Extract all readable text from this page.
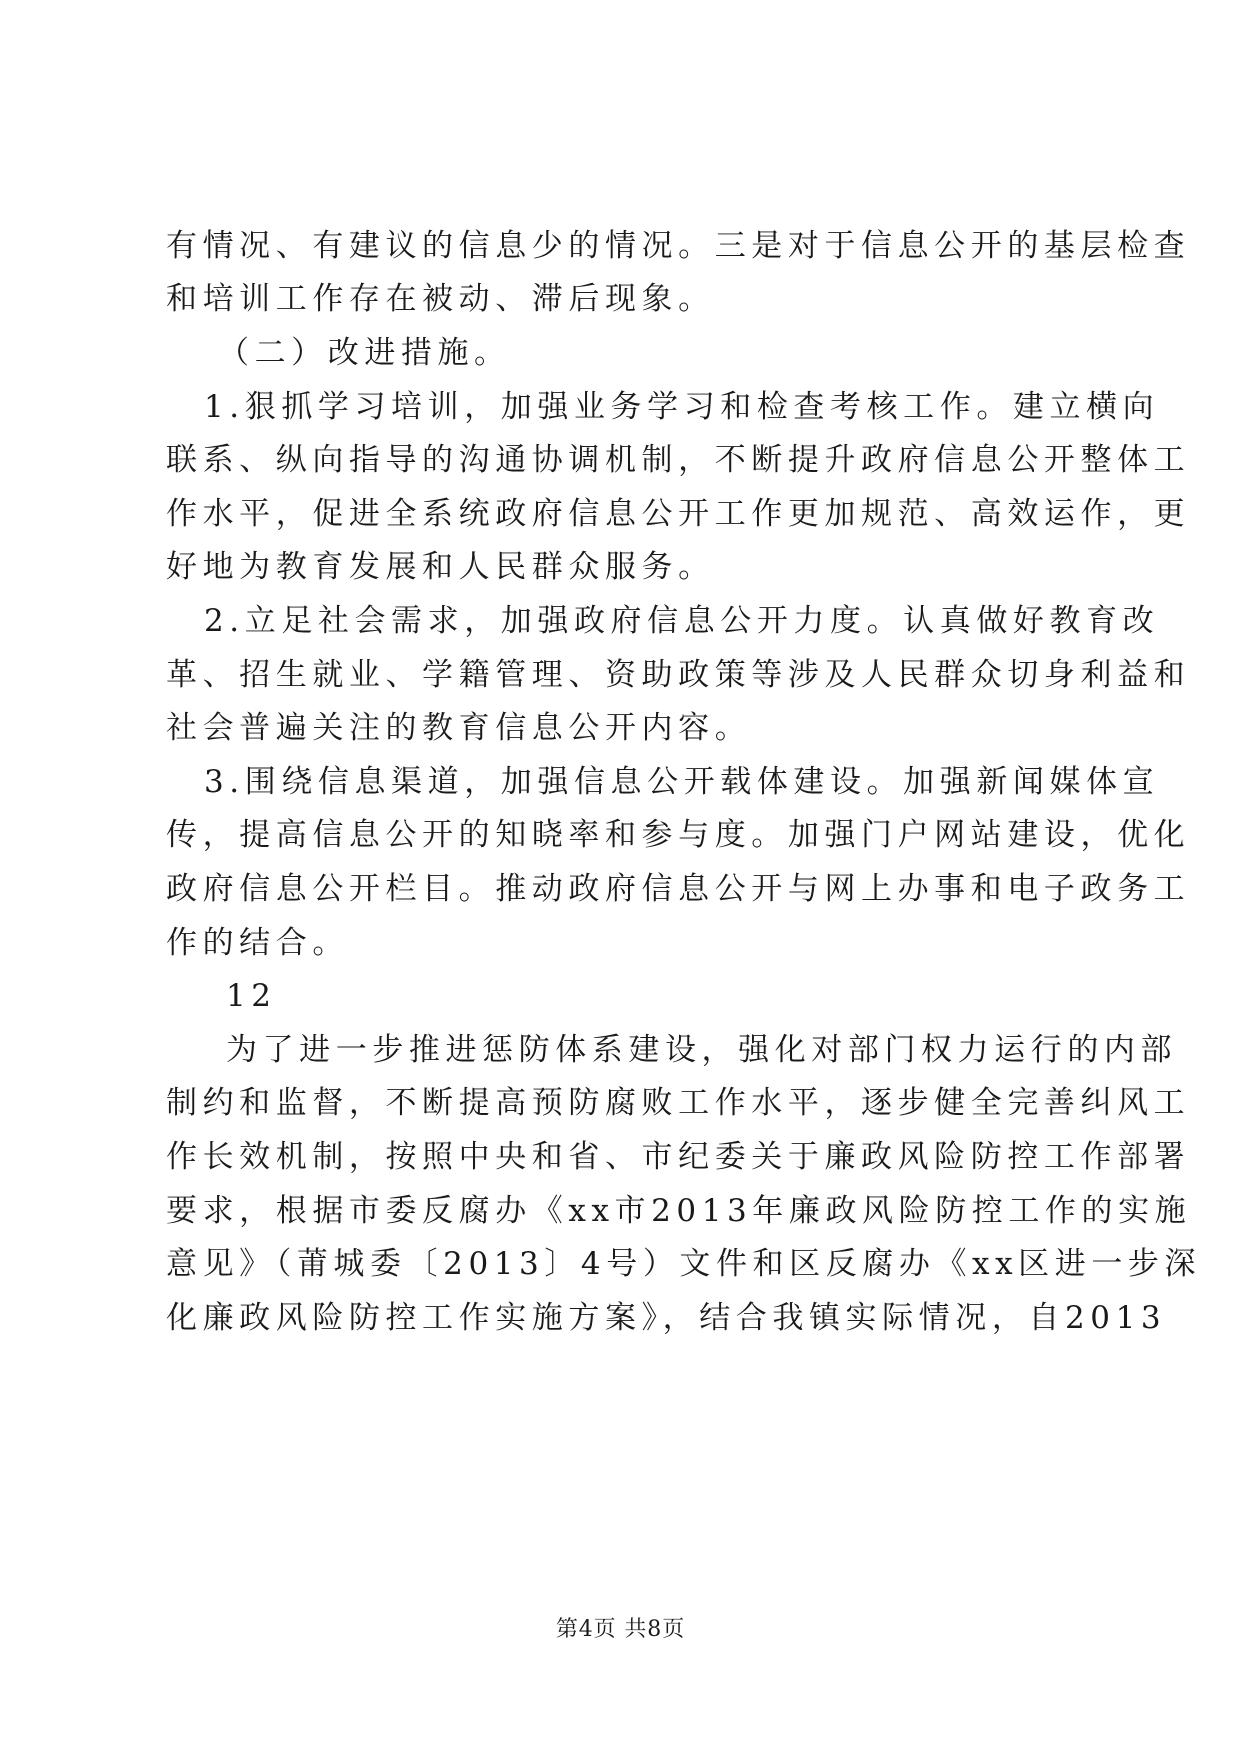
有情况、有建议的信息少的情况。三是对于信息公开的基层检查
和培训工作存在被动、滞后现象。
（二）改进措施。
1.狠抓学习培训，加强业务学习和检查考核工作。建立横向
联系、纵向指导的沟通协调机制，不断提升政府信息公开整体工
作水平，促进全系统政府信息公开工作更加规范、高效运作，更
好地为教育发展和人民群众服务。
2.立足社会需求，加强政府信息公开力度。认真做好教育改
革、招生就业、学籍管理、资助政策等涉及人民群众切身利益和
社会普遍关注的教育信息公开内容。
3.围绕信息渠道，加强信息公开载体建设。加强新闻媒体宣
传，提高信息公开的知晓率和参与度。加强门户网站建设，优化
政府信息公开栏目。推动政府信息公开与网上办事和电子政务工
作的结合。
12
为了进一步推进惩防体系建设，强化对部门权力运行的内部
制约和监督，不断提高预防腐败工作水平，逐步健全完善纠风工
作长效机制，按照中央和省、市纪委关于廉政风险防控工作部署
要求，根据市委反腐办《xx市2013年廉政风险防控工作的实施
意见》（莆城委〔2013〕4号）文件和区反腐办《xx区进一步深
化廉政风险防控工作实施方案》，结合我镇实际情况，自2013
第4页 共8页
